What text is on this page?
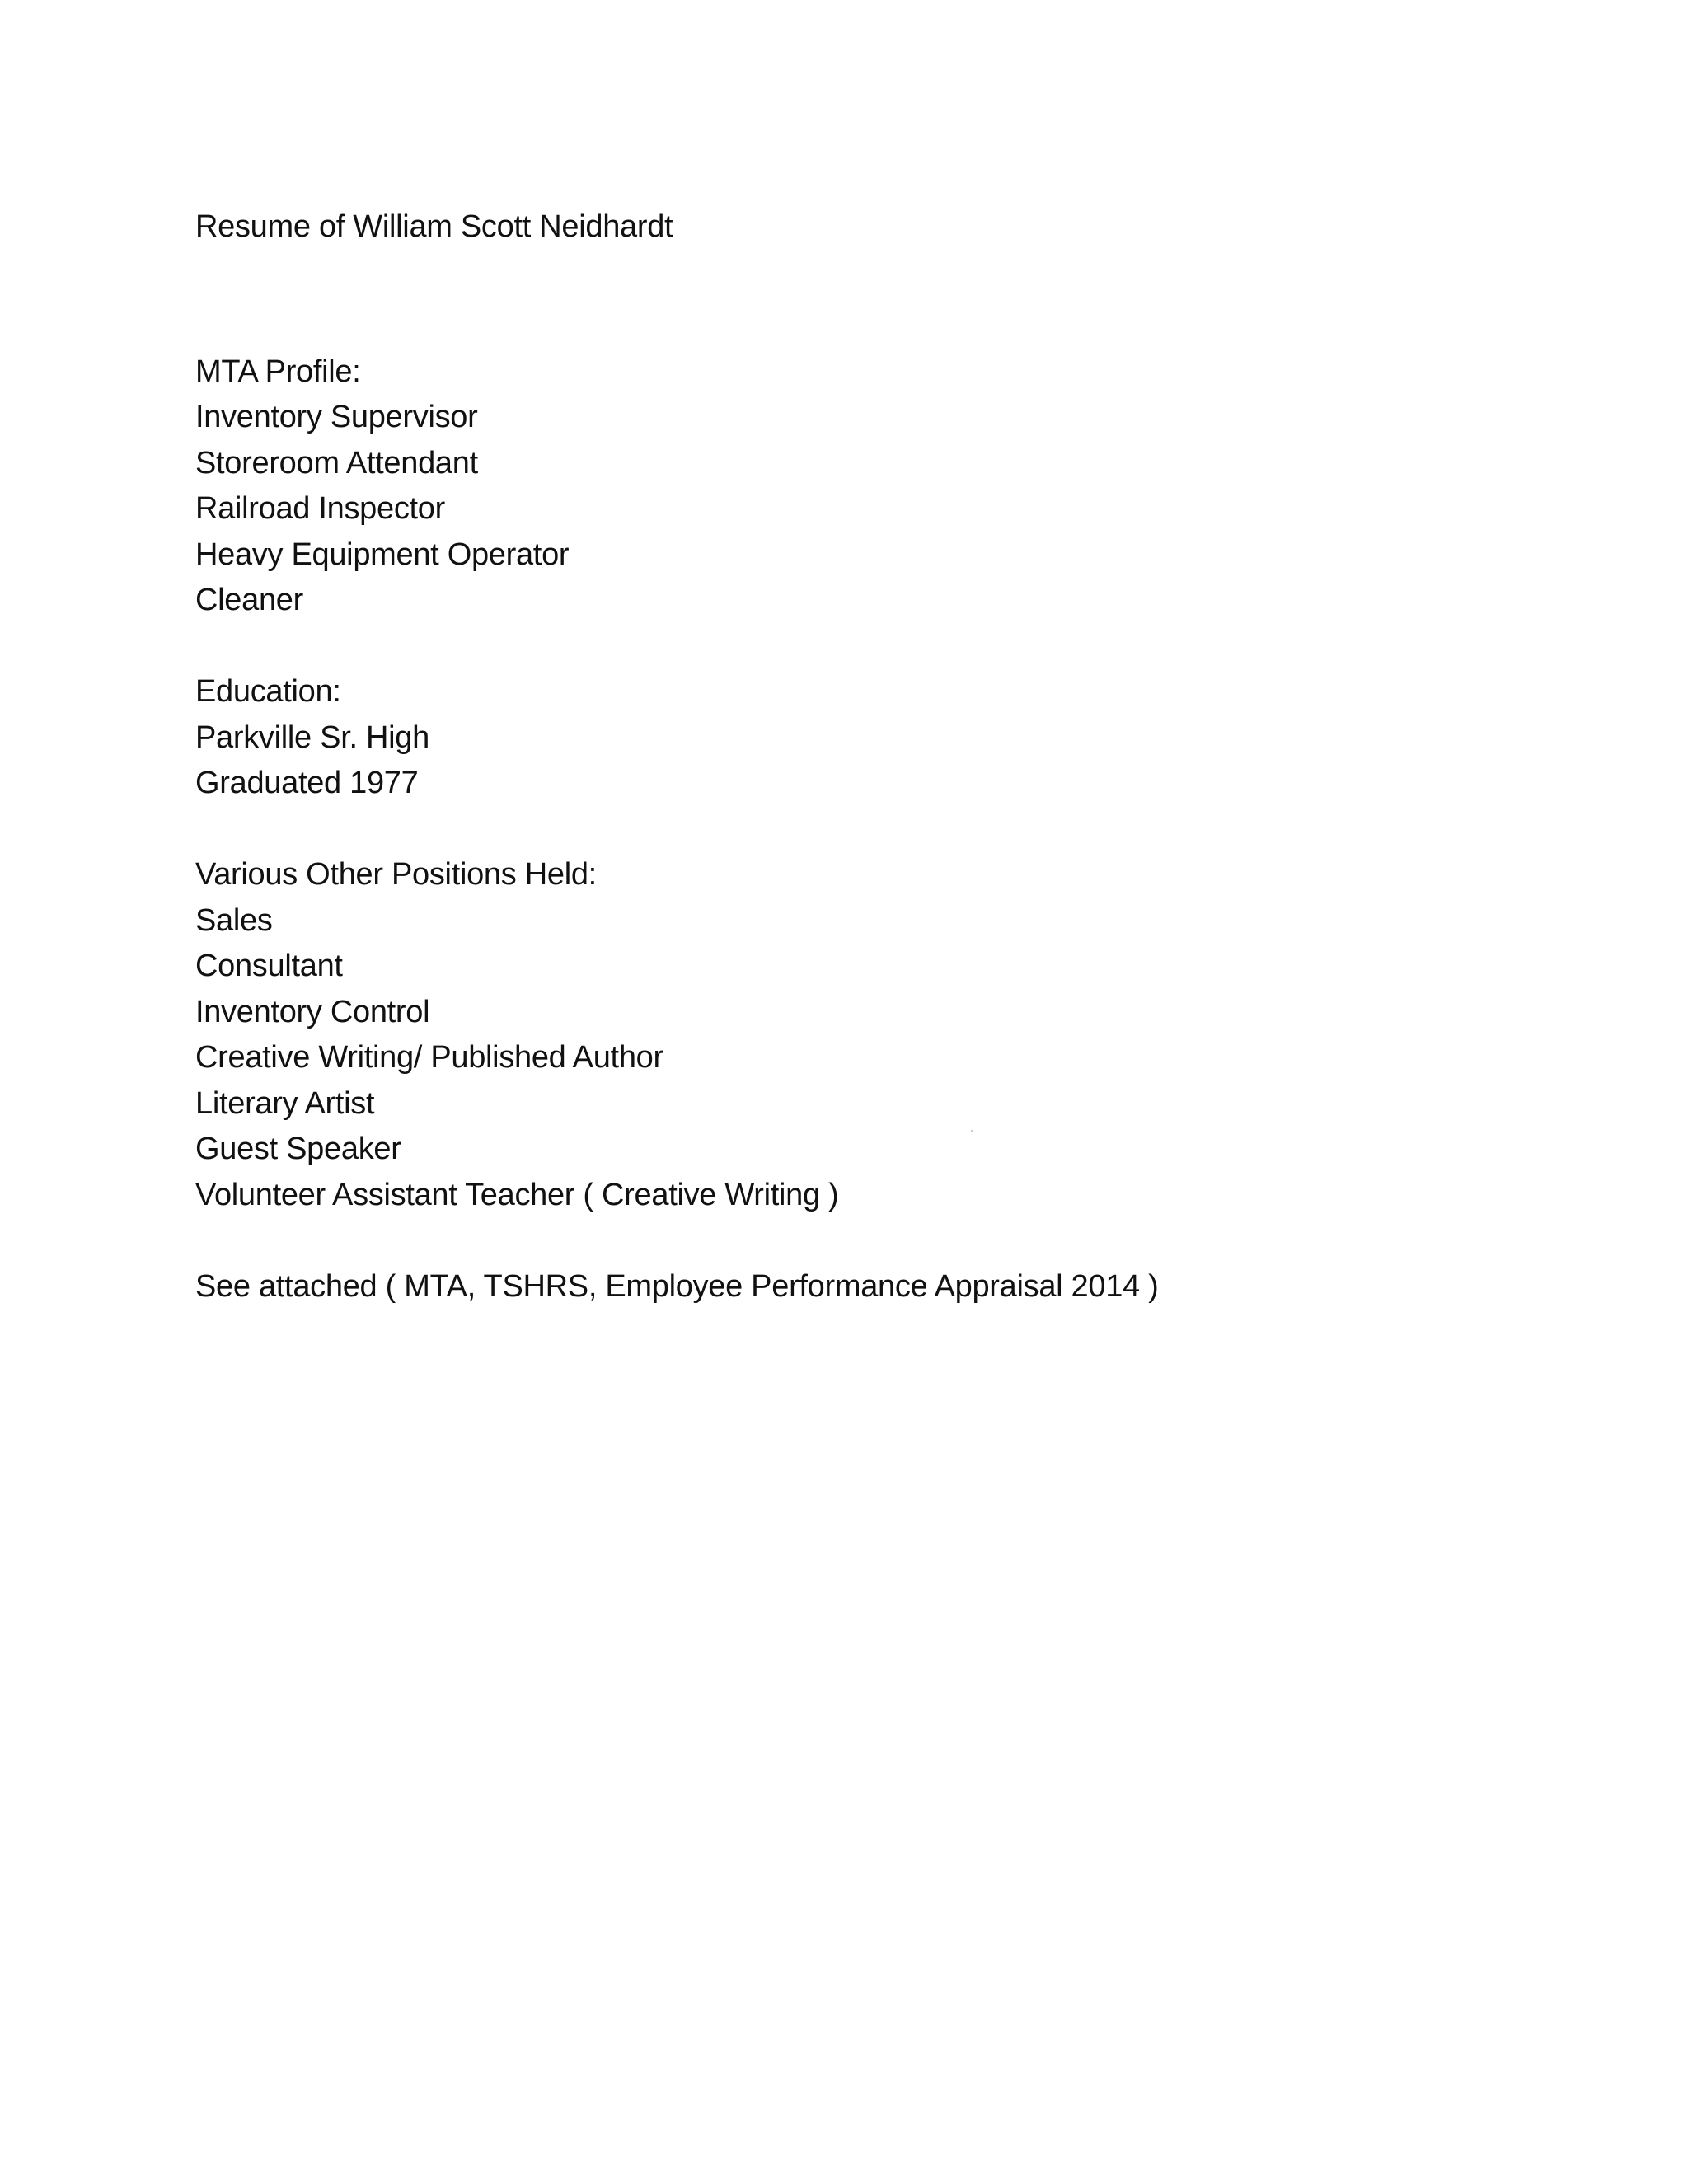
Resume of William Scott Neidhardt
MTA Profile:
Inventory Supervisor
Storeroom Attendant
Railroad Inspector
Heavy Equipment Operator
Cleaner
Education:
Parkville Sr. High
Graduated 1977
Various Other Positions Held:
Sales
Consultant
Inventory Control
Creative Writing/ Published Author
Literary Artist
Guest Speaker
Volunteer Assistant Teacher ( Creative Writing )
See attached ( MTA, TSHRS, Employee Performance Appraisal 2014 )
